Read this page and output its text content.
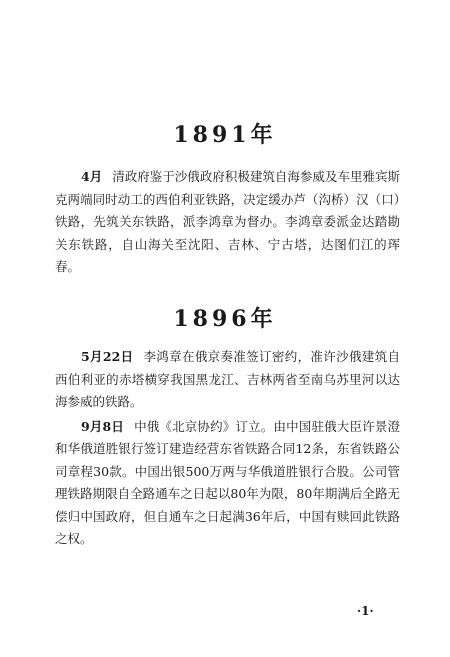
1891年

4月 清政府鉴于沙俄政府积极建筑自海参威及车里雅宾斯克两端同时动工的西伯利亚铁路，决定缓办芦（沟桥）汉（口）铁路，先筑关东铁路，派李鸿章为督办。李鸿章委派金达踏勘关东铁路，自山海关至沈阳、吉林、宁古塔，达图们江的珲春。

1896年

5月22日 李鸿章在俄京奏准签订密约，准许沙俄建筑自西伯利亚的赤塔横穿我国黑龙江、吉林两省至南乌苏里河以达海参威的铁路。

9月8日 中俄《北京协约》订立。由中国驻俄大臣许景澄和华俄道胜银行签订建造经营东省铁路合同12条，东省铁路公司章程30款。中国出银500万两与华俄道胜银行合股。公司管理铁路期限自全路通车之日起以80年为限，80年期满后全路无偿归中国政府，但自通车之日起满36年后，中国有赎回此铁路之权。

·1·
